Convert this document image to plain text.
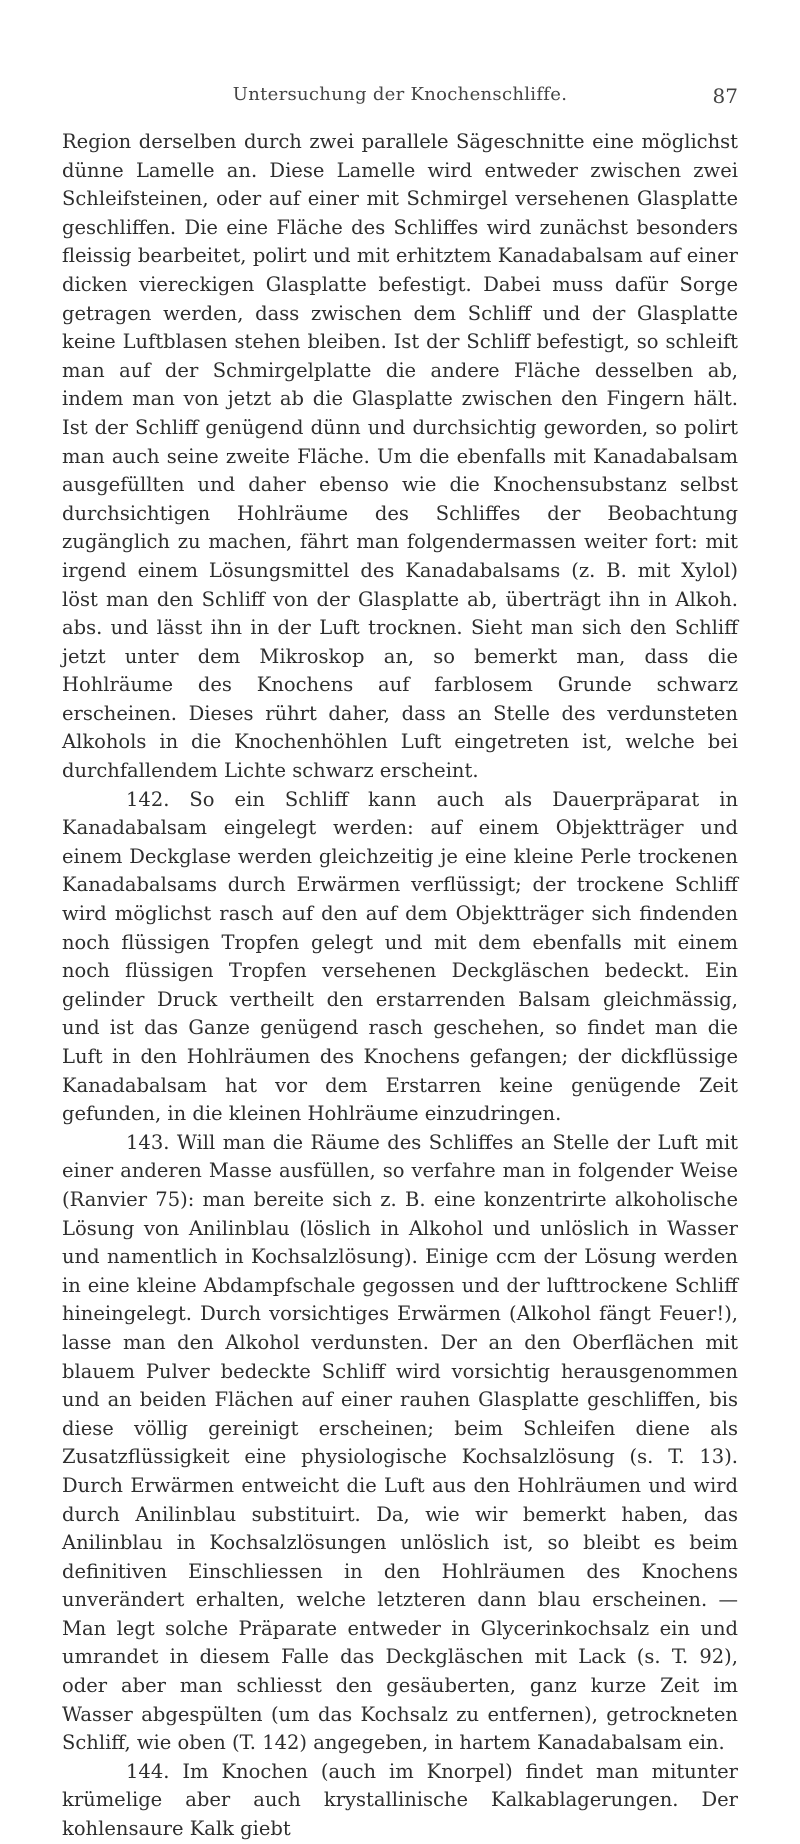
Untersuchung der Knochenschliffe.	87

Region derselben durch zwei parallele Sägeschnitte eine möglichst dünne Lamelle an. Diese Lamelle wird entweder zwischen zwei Schleifsteinen, oder auf einer mit Schmirgel versehenen Glasplatte geschliffen. Die eine Fläche des Schliffes wird zunächst besonders fleissig bearbeitet, polirt und mit erhitztem Kanadabalsam auf einer dicken viereckigen Glasplatte befestigt. Dabei muss dafür Sorge getragen werden, dass zwischen dem Schliff und der Glasplatte keine Luftblasen stehen bleiben. Ist der Schliff befestigt, so schleift man auf der Schmirgelplatte die andere Fläche desselben ab, indem man von jetzt ab die Glasplatte zwischen den Fingern hält. Ist der Schliff genügend dünn und durchsichtig geworden, so polirt man auch seine zweite Fläche. Um die ebenfalls mit Kanadabalsam ausgefüllten und daher ebenso wie die Knochensubstanz selbst durchsichtigen Hohlräume des Schliffes der Beobachtung zugänglich zu machen, fährt man folgendermassen weiter fort: mit irgend einem Lösungsmittel des Kanadabalsams (z. B. mit Xylol) löst man den Schliff von der Glasplatte ab, überträgt ihn in Alkoh. abs. und lässt ihn in der Luft trocknen. Sieht man sich den Schliff jetzt unter dem Mikroskop an, so bemerkt man, dass die Hohlräume des Knochens auf farblosem Grunde schwarz erscheinen. Dieses rührt daher, dass an Stelle des verdunsteten Alkohols in die Knochenhöhlen Luft eingetreten ist, welche bei durchfallendem Lichte schwarz erscheint.

142. So ein Schliff kann auch als Dauerpräparat in Kanadabalsam eingelegt werden: auf einem Objektträger und einem Deckglase werden gleichzeitig je eine kleine Perle trockenen Kanadabalsams durch Erwärmen verflüssigt; der trockene Schliff wird möglichst rasch auf den auf dem Objektträger sich findenden noch flüssigen Tropfen gelegt und mit dem ebenfalls mit einem noch flüssigen Tropfen versehenen Deckgläschen bedeckt. Ein gelinder Druck vertheilt den erstarrenden Balsam gleichmässig, und ist das Ganze genügend rasch geschehen, so findet man die Luft in den Hohlräumen des Knochens gefangen; der dickflüssige Kanadabalsam hat vor dem Erstarren keine genügende Zeit gefunden, in die kleinen Hohlräume einzudringen.

143. Will man die Räume des Schliffes an Stelle der Luft mit einer anderen Masse ausfüllen, so verfahre man in folgender Weise (Ranvier 75): man bereite sich z. B. eine konzentrirte alkoholische Lösung von Anilinblau (löslich in Alkohol und unlöslich in Wasser und namentlich in Kochsalzlösung). Einige ccm der Lösung werden in eine kleine Abdampfschale gegossen und der lufttrockene Schliff hineingelegt. Durch vorsichtiges Erwärmen (Alkohol fängt Feuer!), lasse man den Alkohol verdunsten. Der an den Oberflächen mit blauem Pulver bedeckte Schliff wird vorsichtig herausgenommen und an beiden Flächen auf einer rauhen Glasplatte geschliffen, bis diese völlig gereinigt erscheinen; beim Schleifen diene als Zusatzflüssigkeit eine physiologische Kochsalzlösung (s. T. 13). Durch Erwärmen entweicht die Luft aus den Hohlräumen und wird durch Anilinblau substituirt. Da, wie wir bemerkt haben, das Anilinblau in Kochsalzlösungen unlöslich ist, so bleibt es beim definitiven Einschliessen in den Hohlräumen des Knochens unverändert erhalten, welche letzteren dann blau erscheinen. — Man legt solche Präparate entweder in Glycerinkochsalz ein und umrandet in diesem Falle das Deckgläschen mit Lack (s. T. 92), oder aber man schliesst den gesäuberten, ganz kurze Zeit im Wasser abgespülten (um das Kochsalz zu entfernen), getrockneten Schliff, wie oben (T. 142) angegeben, in hartem Kanadabalsam ein.

144. Im Knochen (auch im Knorpel) findet man mitunter krümelige aber auch krystallinische Kalkablagerungen. Der kohlensaure Kalk giebt
